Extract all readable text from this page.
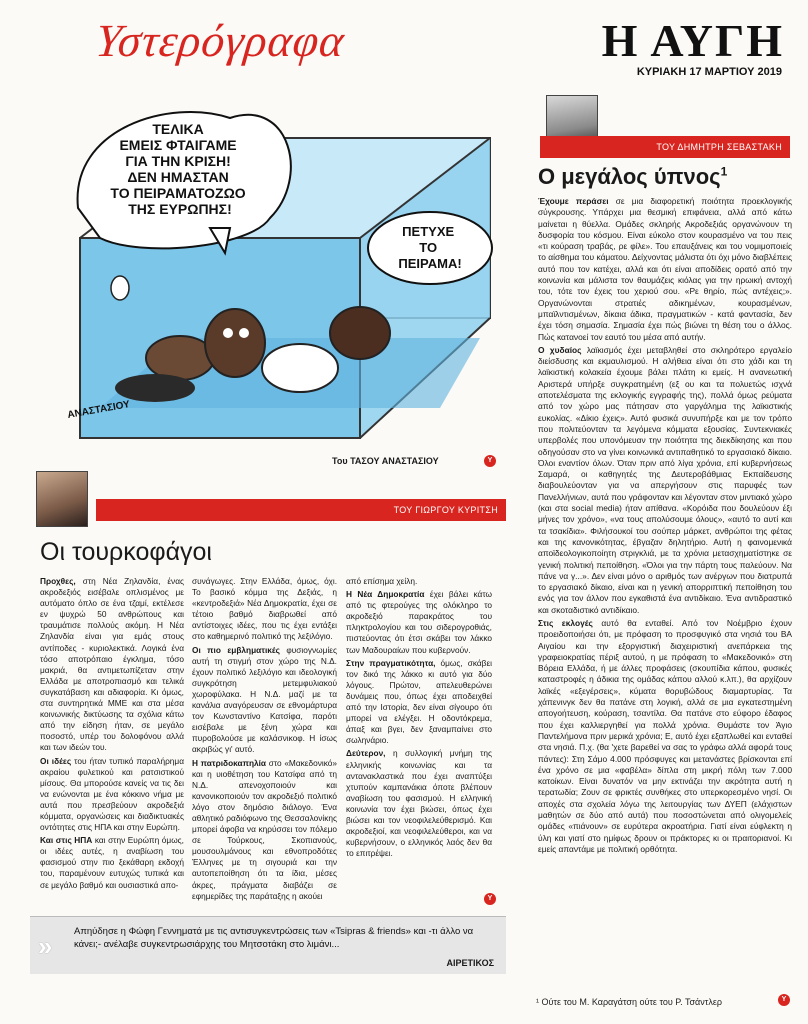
Υστερόγραφα	Η ΑΥΓΗ
ΚΥΡΙΑΚΗ 17 ΜΑΡΤΙΟΥ 2019
ΤΕΛΙΚΑ ΕΜΕΙΣ ΦΤΑΙΓΑΜΕ ΓΙΑ ΤΗΝ ΚΡΙΣΗ! ΔΕΝ ΗΜΑΣΤΑΝ ΤΟ ΠΕΙΡΑΜΑΤΟΖΩΟ ΤΗΣ ΕΥΡΩΠΗΣ!
ΠΕΤΥΧΕ ΤΟ ΠΕΙΡΑΜΑ!
ΑΝΑΣΤΑΣΙΟΥ
Του ΤΑΣΟΥ ΑΝΑΣΤΑΣΙΟΥ	Υ
ΤΟΥ ΓΙΩΡΓΟΥ ΚΥΡΙΤΣΗ
Οι τουρκοφάγοι

Προχθες, στη Νέα Ζηλανδία, ένας ακροδεξιός εισέβαλε οπλισμένος με αυτόματο όπλο σε ένα τζαμί, εκτέλεσε εν ψυχρώ 50 ανθρώπους και τραυμάτισε πολλούς ακόμη. Η Νέα Ζηλανδία είναι για εμάς στους αντίποδες - κυριολεκτικά. Λογικά ένα τόσο αποτρόπαιο έγκλημα, τόσο μακριά, θα αντιμετωπίζεταν στην Ελλάδα με αποτροπιασμό και τελικά συγκατάβαση και αδιαφορία. Κι όμως, στα συντηρητικά ΜΜΕ και στα μέσα κοινωνικής δικτύωσης τα σχόλια κάτω από την είδηση ήταν, σε μεγάλο ποσοστό, υπέρ του δολοφόνου αλλά και των ιδεών του.

Οι ιδέες του ήταν τυπικό παραλήρημα ακραίου φυλετικού και ρατσιστικού μίσους. Θα μπορούσε κανείς να τις δει να ενώνονται με ένα κόκκινο νήμα με αυτά που πρεσβεύουν ακροδεξιά κόμματα, οργανώσεις και διαδικτυακές οντότητες στις ΗΠΑ και στην Ευρώπη.

Και στις ΗΠΑ και στην Ευρώπη όμως, οι ιδέες αυτές, η αναβίωση του φασισμού στην πιο ξεκάθαρη εκδοχή του, παραμένουν ευτυχώς τυπικά και σε μεγάλο βαθμό και ουσιαστικά απο-

συνάγωγες. Στην Ελλάδα, όμως, όχι. Το βασικό κόμμα της Δεξιάς, η «κεντροδεξιά» Νέα Δημοκρατία, έχει σε τέτοιο βαθμό διαβρωθεί από αντίστοιχες ιδέες, που τις έχει εντάξει στο καθημερινό πολιτικό της λεξιλόγιο.

Οι πιο εμβληματικές φυσιογνωμίες αυτή τη στιγμή στον χώρο της Ν.Δ. έχουν πολιτικό λεξιλόγιο και ιδεολογική συγκρότηση μετεμφυλιακού χωροφύλακα. Η Ν.Δ. μαζί με τα κανάλια αναγόρευσαν σε εθνομάρτυρα τον Κωνσταντίνο Κατσίφα, παρότι εισέβαλε με ξένη χώρα και πυροβολούσε με καλάσνικοφ. Η ίσως ακριβώς γι' αυτό.

Η πατριδοκαπηλία στο «Μακεδονικό» και η υιοθέτηση του Κατσίφα από τη Ν.Δ. απενοχοποιούν και κανονικοποιούν τον ακροδεξιό πολιτικό λόγο στον δημόσιο διάλογο. Ένα αθλητικό ραδιόφωνο της Θεσσαλονίκης μπορεί άφοβα να κηρύσσει τον πόλεμο σε Τούρκους, Σκοπιανούς, μουσουλμάνους και εθνοπροδότες Έλληνες με τη σιγουριά και την αυτοπεποίθηση ότι τα ίδια, μέσες άκρες, πράγματα διαβάζει σε εφημερίδες της παράταξης η ακούει

από επίσημα χείλη.

Η Νέα Δημοκρατία έχει βάλει κάτω από τις φτερούγες της ολόκληρο το ακροδεξιό παρακράτος του πληκτρολογίου και του σιδερογροθιάς, πιστεύοντας ότι έτσι σκάβει τον λάκκο των Μαδουραίων που κυβερνούν.

Στην πραγματικότητα, όμως, σκάβει τον δικό της λάκκο κι αυτό για δύο λόγους. Πρώτον, απελευθερώνει δυνάμεις που, όπως έχει αποδειχθεί από την Ιστορία, δεν είναι σίγουρο ότι μπορεί να ελέγξει. Η οδοντόκρεμα, άπαξ και βγει, δεν ξαναμπαίνει στο σωληνάριο.

Δεύτερον, η συλλογική μνήμη της ελληνικής κοινωνίας και τα αντανακλαστικά που έχει αναπτύξει χτυπούν καμπανάκια όποτε βλέπουν αναβίωση του φασισμού. Η ελληνική κοινωνία τον έχει βιώσει, όπως έχει βιώσει και τον νεοφιλελεύθερισμό. Και ακροδεξιοί, και νεοφιλελεύθεροι, και να κυβερνήσουν, ο ελληνικός λαός δεν θα το επιτρέψει.

Υ
» Απηύδησε η Φώφη Γεννηματά με τις αντισυγκεντρώσεις των «Tsipras & friends» και -τι άλλο να κάνει;- ανέλαβε συγκεντρωσιάρχης του Μητσοτάκη στο λιμάνι...
ΑΙΡΕΤΙΚΟΣ
ΤΟΥ ΔΗΜΗΤΡΗ ΣΕΒΑΣΤΑΚΗ
Ο μεγάλος ύπνος$^1$

Έχουμε περάσει σε μια διαφορετική ποιότητα προεκλογικής σύγκρουσης. Υπάρχει μια θεσμική επιφάνεια, αλλά από κάτω μαίνεται η θύελλα. Ομάδες σκληρής Ακροδεξιάς οργανώνουν τη δυσφορία του κόσμου. Είναι εύκολο στον κουρασμένο να του πεις «τι κούραση τραβάς, ρε φίλε». Του επαυξάνεις και του νομιμοποιείς το αίσθημα του κάματου. Δείχνοντας μάλιστα ότι όχι μόνο διαβλέπεις αυτό που τον κατέχει, αλλά και ότι είναι αποδίδεις ορατό από την κοινωνία και μάλιστα τον θαυμάζεις κιόλας για την ηρωική αντοχή του, τότε τον έχεις του χεριού σου. «Ρε θηρίο, πώς αντέχεις;». Οργανώνονται στρατιές αδικημένων, κουρασμένων, μπαϊλντισμένων, δίκαια άδικα, πραγματικών - κατά φαντασία, δεν έχει τόση σημασία. Σημασία έχει πώς βιώνει τη θέση του ο άλλος. Πώς κατανοεί τον εαυτό του μέσα από αυτήν.

Ο χυδαίος λαϊκισμός έχει μεταβληθεί στο σκληρότερο εργαλείο διείσδυσης και εκμαυλισμού. Η αλήθεια είναι ότι στο χάδι και τη λαϊκιστική κολακεία έχουμε βάλει πλάτη κι εμείς. Η ανανεωτική Αριστερά υπήρξε συγκρατημένη (εξ ου και τα πολυετώς ισχνά αποτελέσματα της εκλογικής εγγραφής της), πολλά όμως ρεύματα από τον χώρο μας πάτησαν στο γαργάλημα της λαϊκιστικής ευκολίας. «Δίκιο έχεις». Αυτό φυσικά συνυπήρξε και με τον τρόπο που πολιτεύονταν τα λεγόμενα κόμματα εξουσίας. Συντεκνιακές υπερβολές που υπονόμευαν την ποιότητα της διεκδίκησης και που οδηγούσαν στο να γίνει κοινωνικά αντιπαθητικό το εργασιακό δίκαιο. Όλοι εναντίον όλων. Όταν πριν από λίγα χρόνια, επί κυβερνήσεως Σαμαρά, οι καθηγητές της Δευτεροβάθμιας Εκπαίδευσης διαβουλεύονταν για να απεργήσουν στις παρυφές των Πανελλήνιων, αυτά που γράφονταν και λέγονταν στον μιντιακό χώρο (και στα social media) ήταν απίθανα. «Κορόιδα που δουλεύουν έξι μήνες τον χρόνο», «να τους απολύσουμε όλους», «αυτό το αυτί και τα τσακίδια». Φιλήσουκοί του σούπερ μάρκετ, ανθρώποι της φέτας και της κανονικότητας, έβγαζαν δηλητήριο. Αυτή η φαινομενικά αποϊδεολογικοποίητη στριγκλιά, με τα χρόνια μετασχηματίστηκε σε γενική πολιτική πεποίθηση. «Όλοι για την πάρτη τους παλεύουν. Να πάνε να γ...». Δεν είναι μόνο ο αριθμός των ανέργων που διατρυπά το εργασιακό δίκαιο, είναι και η γενική απορριπτική πεποίθηση του ενός για τον άλλον που εγκαθιστά ένα αντιδίκαιο. Ένα αντιδραστικό και σκοταδιστικό αντιδίκαιο.

Στις εκλογές αυτό θα ενταθεί. Από τον Νοέμβριο έχουν προειδοποιήσει ότι, με πρόφαση το προσφυγικό στα νησιά του ΒΑ Αιγαίου και την εξοργιστική διαχειριστική ανεπάρκεια της γραφειοκρατίας πέριξ αυτού, η με πρόφαση το «Μακεδονικό» στη Βόρεια Ελλάδα, ή με άλλες προφάσεις (σκουπίδια κάπου, φυσικές καταστροφές η άδικια της ομάδας κάπου αλλού κ.λπ.), θα αρχίζουν λαϊκές «εξεγέρσεις», κύματα θορυβώδους διαμαρτυρίας. Τα χάπενινγκ δεν θα πατάνε στη λογική, αλλά σε μια εγκατεστημένη απογοήτευση, κούραση, τσαντίλα. Θα πατάνε στο εύφορο έδαφος που έχει καλλιεργηθεί για πολλά χρόνια. Θυμάστε τον Άγιο Παντελήμονα πριν μερικά χρόνια; Ε, αυτό έχει εξαπλωθεί και ενταθεί στα νησιά. Π.χ. (θα 'χετε βαρεθεί να σας το γράφω αλλά αφορά τους πάντες): Στη Σάμο 4.000 πρόσφυγες και μετανάστες βρίσκονται επί ένα χρόνο σε μια «φαβέλα» δίπλα στη μικρή πόλη των 7.000 κατοίκων. Είναι δυνατόν να μην εκτινάζει την ακρότητα αυτή η τερατωδία; Ζουν σε φρικτές συνθήκες στο υπερκορεσμένο νησί. Οι αποχές στα σχολεία λόγω της λειτουργίας των ΔΥΕΠ (ελάχιστων μαθητών σε δύο από αυτά) που ποσοστώνεται από ολιγομελείς ομάδες «πιάνουν» σε ευρύτερα ακροατήρια. Γιατί είναι εύφλεκτη η ύλη και γιατί στο ημίφως δρουν οι πράκτορες κι οι πραιτοριανοί. Κι εμείς απαντάμε με πολιτική ορθότητα.

¹ Ούτε του Μ. Καραγάτση ούτε του Ρ. Τσάντλερ	Υ
